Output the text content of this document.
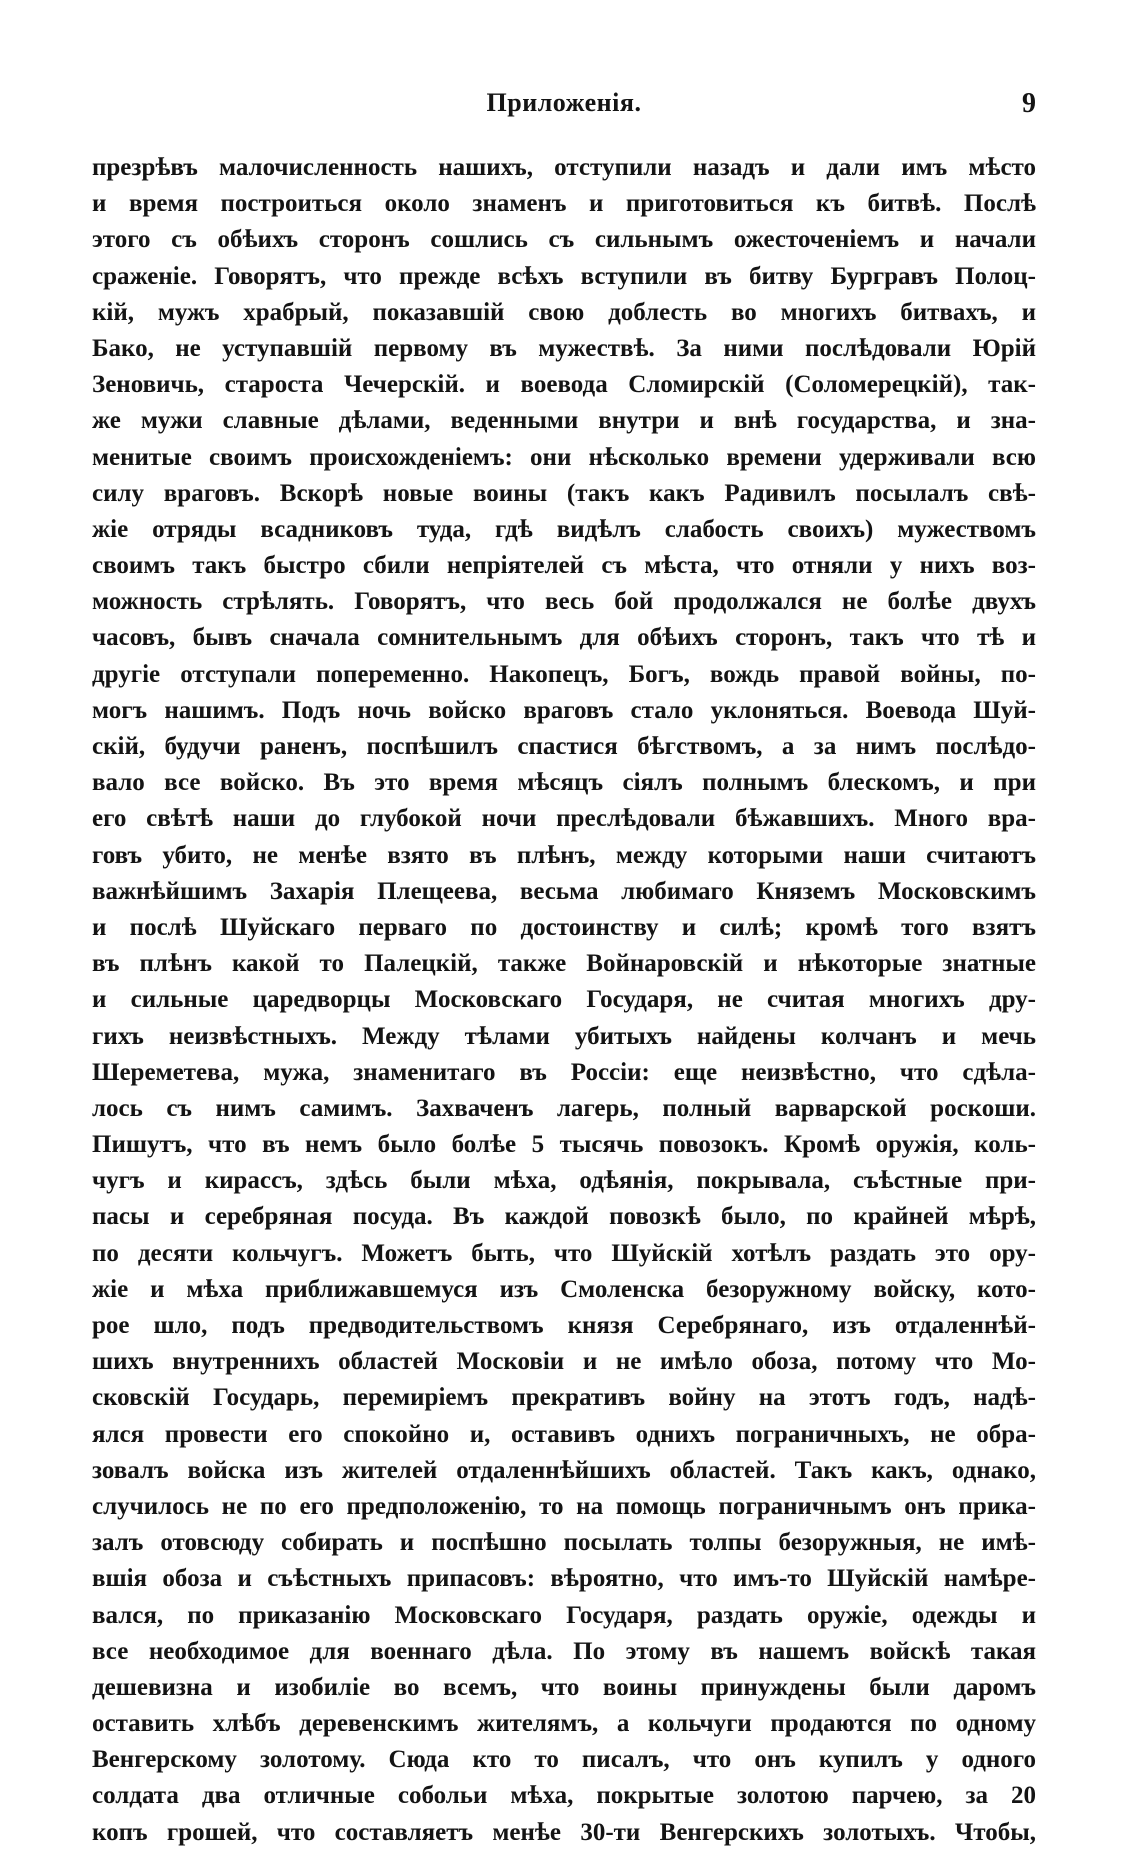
Приложенія.	9
презрѣвъ малочисленность нашихъ, отступили назадъ и дали имъ мѣсто
и время построиться около знаменъ и приготовиться къ битвѣ. Послѣ
этого съ обѣихъ сторонъ сошлись съ сильнымъ ожесточеніемъ и начали
сраженіе. Говорятъ, что прежде всѣхъ вступили въ битву Бургравъ Полоц-
кій, мужъ храбрый, показавшій свою доблесть во многихъ битвахъ, и
Бако, не уступавшій первому въ мужествѣ. За ними послѣдовали Юрій
Зеновичь, староста Чечерскій. и воевода Сломирскій (Соломерецкій), так-
же мужи славные дѣлами, веденными внутри и внѣ государства, и зна-
менитые своимъ происхожденіемъ: они нѣсколько времени удерживали всю
силу враговъ. Вскорѣ новые воины (такъ какъ Радивилъ посылалъ свѣ-
жіе отряды всадниковъ туда, гдѣ видѣлъ слабость своихъ) мужествомъ
своимъ такъ быстро сбили непріятелей съ мѣста, что отняли у нихъ воз-
можность стрѣлять. Говорятъ, что весь бой продолжался не болѣе двухъ
часовъ, бывъ сначала сомнительнымъ для обѣихъ сторонъ, такъ что тѣ и
другіе отступали попеременно. Накопецъ, Богъ, вождь правой войны, по-
могъ нашимъ. Подъ ночь войско враговъ стало уклоняться. Воевода Шуй-
скій, будучи раненъ, поспѣшилъ спастися бѣгствомъ, а за нимъ послѣдо-
вало все войско. Въ это время мѣсяцъ сіялъ полнымъ блескомъ, и при
его свѣтѣ наши до глубокой ночи преслѣдовали бѣжавшихъ. Много вра-
говъ убито, не менѣе взято въ плѣнъ, между которыми наши считаютъ
важнѣйшимъ Захарія Плещеева, весьма любимаго Княземъ Московскимъ
и послѣ Шуйскаго перваго по достоинству и силѣ; кромѣ того взятъ
въ плѣнъ какой то Палецкій, также Войнаровскій и нѣкоторые знатные
и сильные царедворцы Московскаго Государя, не считая многихъ дру-
гихъ неизвѣстныхъ. Между тѣлами убитыхъ найдены колчанъ и мечь
Шереметева, мужа, знаменитаго въ Россіи: еще неизвѣстно, что сдѣла-
лось съ нимъ самимъ. Захваченъ лагерь, полный варварской роскоши.
Пишутъ, что въ немъ было болѣе 5 тысячь повозокъ. Кромѣ оружія, коль-
чугъ и кирассъ, здѣсь были мѣха, одѣянія, покрывала, съѣстные при-
пасы и серебряная посуда. Въ каждой повозкѣ было, по крайней мѣрѣ,
по десяти кольчугъ. Можетъ быть, что Шуйскій хотѣлъ раздать это ору-
жіе и мѣха приближавшемуся изъ Смоленска безоружному войску, кото-
рое шло, подъ предводительствомъ князя Серебрянаго, изъ отдаленнѣй-
шихъ внутреннихъ областей Московіи и не имѣло обоза, потому что Мо-
сковскій Государь, перемиріемъ прекративъ войну на этотъ годъ, надѣ-
ялся провести его спокойно и, оставивъ однихъ пограничныхъ, не обра-
зовалъ войска изъ жителей отдаленнѣйшихъ областей. Такъ какъ, однако,
случилось не по его предположенію, то на помощь пограничнымъ онъ прика-
залъ отовсюду собирать и поспѣшно посылать толпы безоружныя, не имѣ-
вшія обоза и съѣстныхъ припасовъ: вѣроятно, что имъ-то Шуйскій намѣре-
вался, по приказанію Московскаго Государя, раздать оружіе, одежды и
все необходимое для военнаго дѣла. По этому въ нашемъ войскѣ такая
дешевизна и изобиліе во всемъ, что воины принуждены были даромъ
оставить хлѣбъ деревенскимъ жителямъ, а кольчуги продаются по одному
Венгерскому золотому. Сюда кто то писалъ, что онъ купилъ у одного
солдата два отличные собольи мѣха, покрытые золотою парчею, за 20
копъ грошей, что составляетъ менѣе 30-ти Венгерскихъ золотыхъ. Чтобы,
